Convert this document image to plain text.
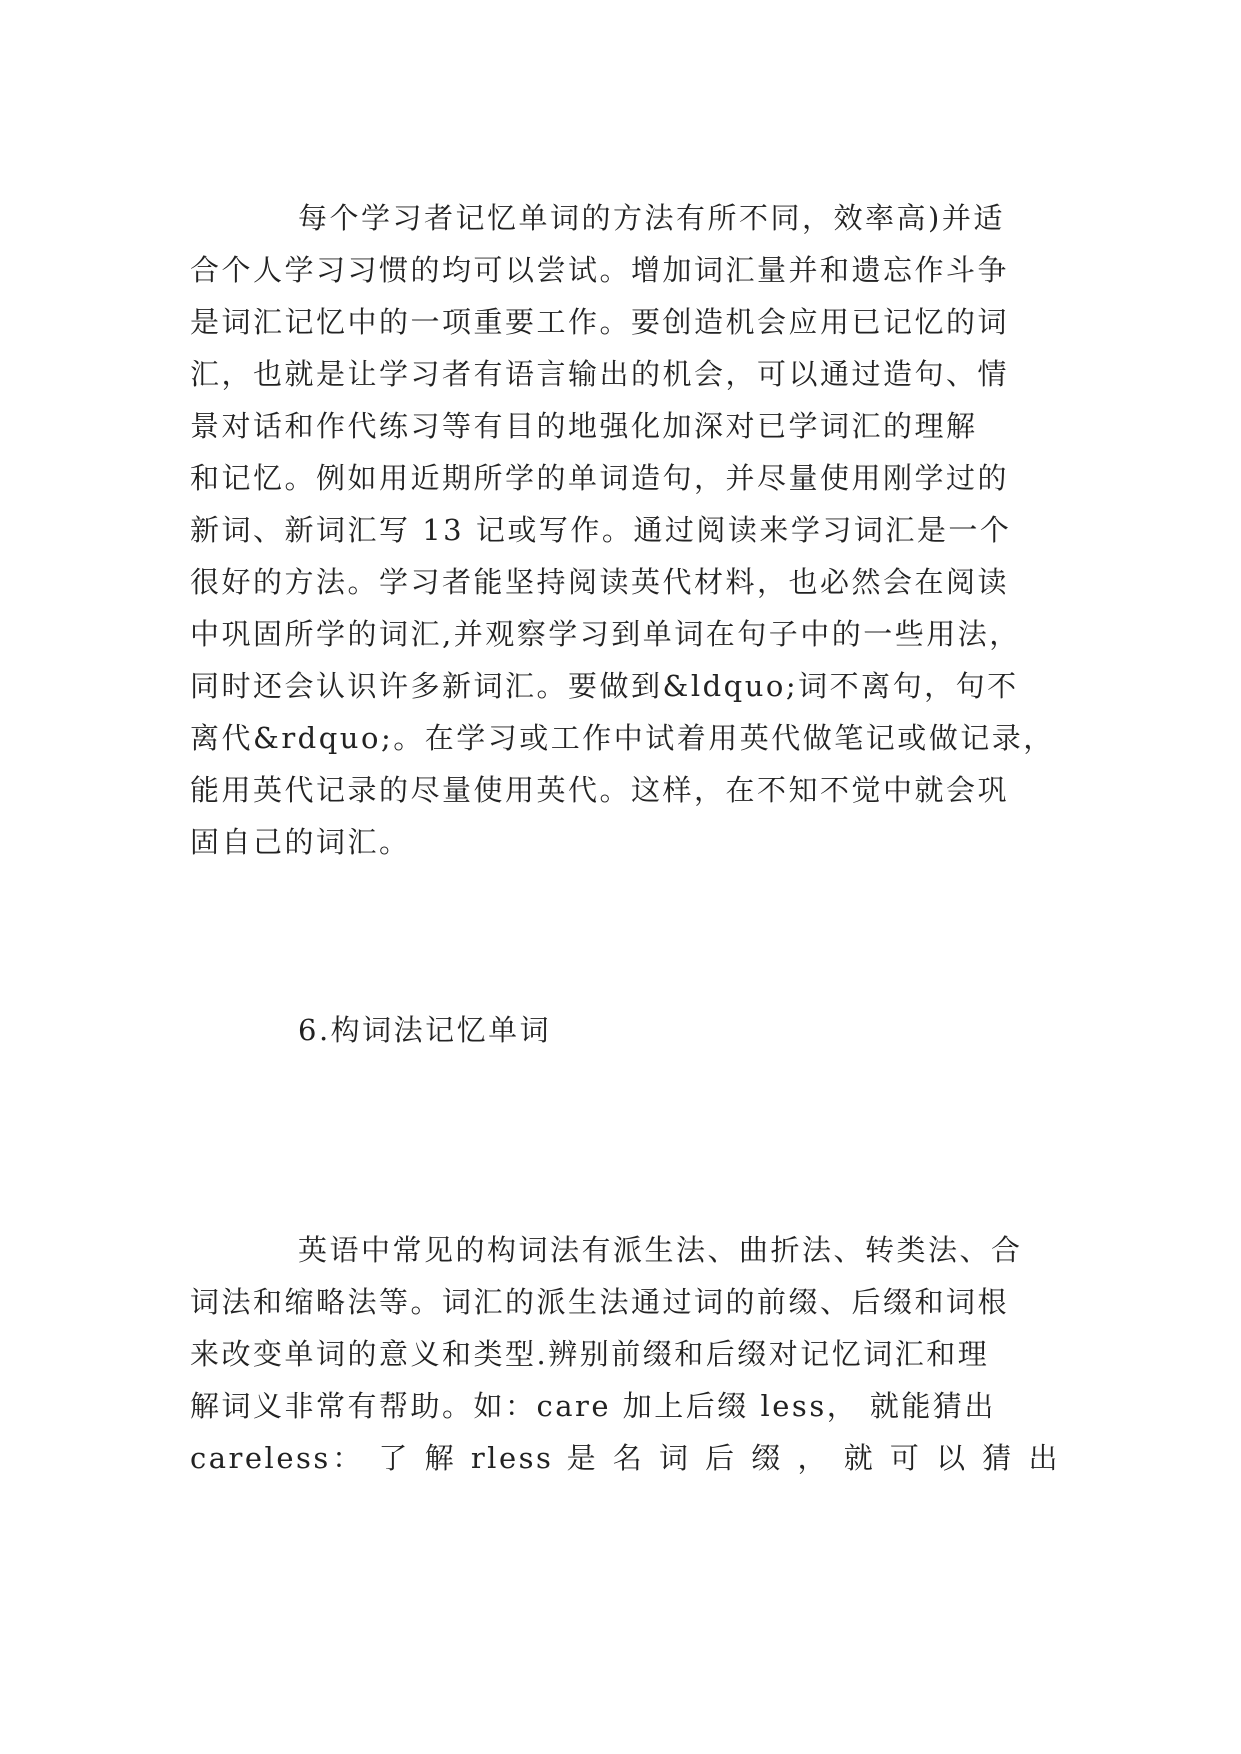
每个学习者记忆单词的方法有所不同，效率高)并适
合个人学习习惯的均可以尝试。增加词汇量并和遗忘作斗争
是词汇记忆中的一项重要工作。要创造机会应用已记忆的词
汇，也就是让学习者有语言输出的机会，可以通过造句、情
景对话和作代练习等有目的地强化加深对已学词汇的理解
和记忆。例如用近期所学的单词造句，并尽量使用刚学过的
新词、新词汇写 13 记或写作。通过阅读来学习词汇是一个
很好的方法。学习者能坚持阅读英代材料，也必然会在阅读
中巩固所学的词汇,并观察学习到单词在句子中的一些用法，
同时还会认识许多新词汇。要做到&ldquo;词不离句，句不
离代&rdquo;。在学习或工作中试着用英代做笔记或做记录，
能用英代记录的尽量使用英代。这样，在不知不觉中就会巩
固自己的词汇。
6.构词法记忆单词
英语中常见的构词法有派生法、曲折法、转类法、合
词法和缩略法等。词汇的派生法通过词的前缀、后缀和词根
来改变单词的意义和类型.辨别前缀和后缀对记忆词汇和理
解词义非常有帮助。如：care 加上后缀 less， 就能猜出
careless： 了 解 rless 是 名 词 后 缀 ， 就 可 以 猜 出
